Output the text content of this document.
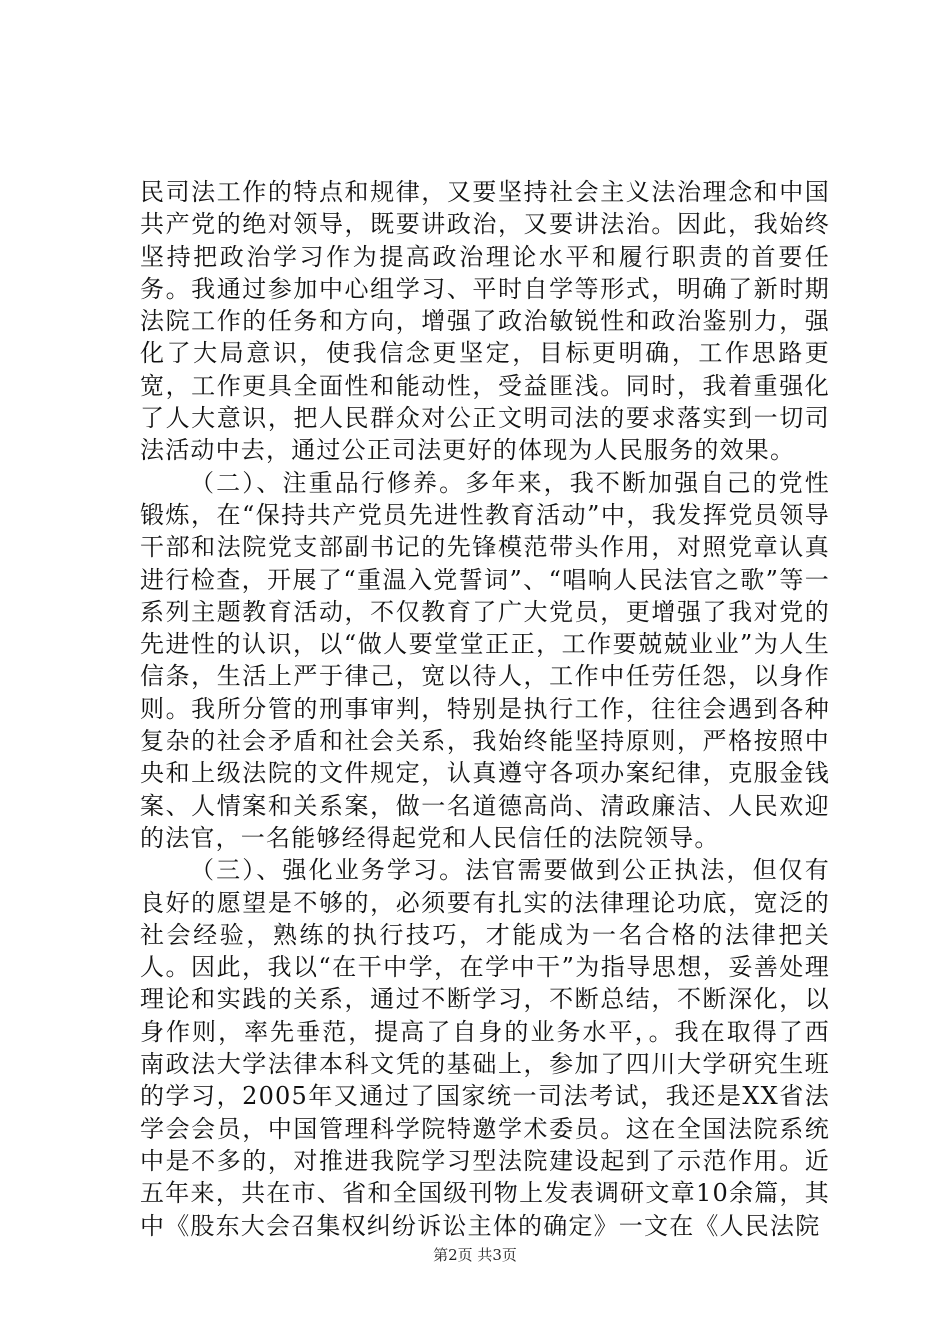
民司法工作的特点和规律，又要坚持社会主义法治理念和中国共产党的绝对领导，既要讲政治，又要讲法治。因此，我始终坚持把政治学习作为提高政治理论水平和履行职责的首要任务。我通过参加中心组学习、平时自学等形式，明确了新时期法院工作的任务和方向，增强了政治敏锐性和政治鉴别力，强化了大局意识，使我信念更坚定，目标更明确，工作思路更宽，工作更具全面性和能动性，受益匪浅。同时，我着重强化了人大意识，把人民群众对公正文明司法的要求落实到一切司法活动中去，通过公正司法更好的体现为人民服务的效果。

（二）、注重品行修养。多年来，我不断加强自己的党性锻炼，在“保持共产党员先进性教育活动”中，我发挥党员领导干部和法院党支部副书记的先锋模范带头作用，对照党章认真进行检查，开展了“重温入党誓词”、“唱响人民法官之歌”等一系列主题教育活动，不仅教育了广大党员，更增强了我对党的先进性的认识，以“做人要堂堂正正，工作要兢兢业业”为人生信条，生活上严于律己，宽以待人，工作中任劳任怨，以身作则。我所分管的刑事审判，特别是执行工作，往往会遇到各种复杂的社会矛盾和社会关系，我始终能坚持原则，严格按照中央和上级法院的文件规定，认真遵守各项办案纪律，克服金钱案、人情案和关系案，做一名道德高尚、清政廉洁、人民欢迎的法官，一名能够经得起党和人民信任的法院领导。

（三）、强化业务学习。法官需要做到公正执法，但仅有良好的愿望是不够的，必须要有扎实的法律理论功底，宽泛的社会经验，熟练的执行技巧，才能成为一名合格的法律把关人。因此，我以“在干中学，在学中干”为指导思想，妥善处理理论和实践的关系，通过不断学习，不断总结，不断深化，以身作则，率先垂范，提高了自身的业务水平，。我在取得了西南政法大学法律本科文凭的基础上，参加了四川大学研究生班的学习，2005年又通过了国家统一司法考试，我还是XX省法学会会员，中国管理科学院特邀学术委员。这在全国法院系统中是不多的，对推进我院学习型法院建设起到了示范作用。近五年来，共在市、省和全国级刊物上发表调研文章10余篇，其中《股东大会召集权纠纷诉讼主体的确定》一文在《人民法院

第2页 共3页
